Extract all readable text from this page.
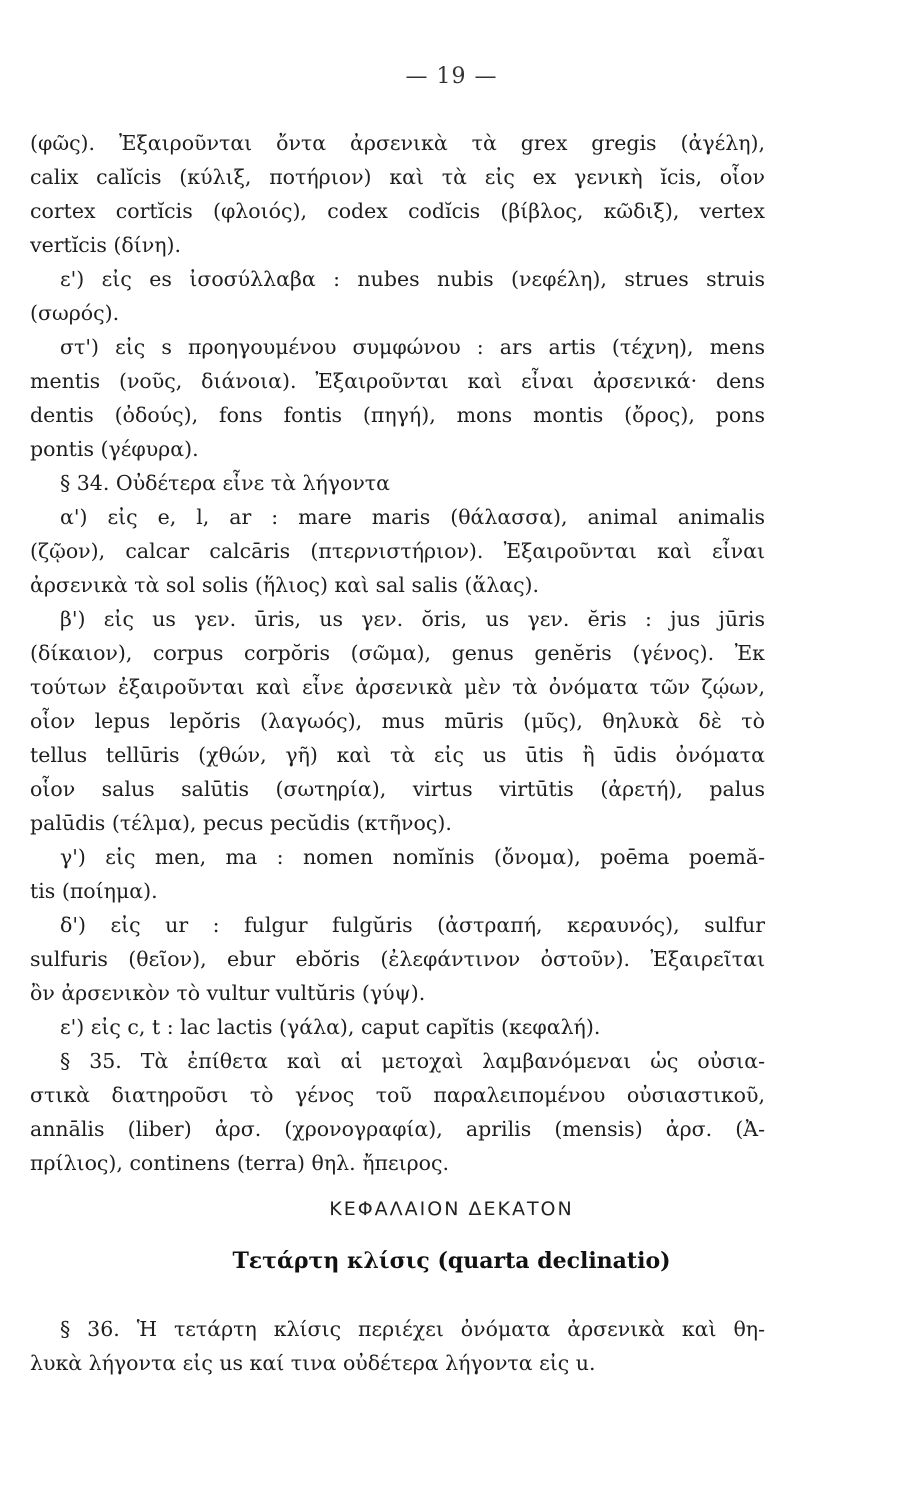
— 19 —
(φῶς). Ἐξαιροῦνται ὄντα ἀρσενικὰ τὰ grex gregis (ἀγέλη),
calix calĭcis (κύλιξ, ποτήριον) καὶ τὰ εἰς ex γενικὴ ĭcis, οἷον
cortex cortĭcis (φλοιός), codex codĭcis (βίβλος, κῶδιξ), vertex
vertĭcis (δίνη).
ε') εἰς es ἰσοσύλλαβα : nubes nubis (νεφέλη), strues struis
(σωρός).
στ') εἰς s προηγουμένου συμφώνου : ars artis (τέχνη), mens
mentis (νοῦς, διάνοια). Ἐξαιροῦνται καὶ εἶναι ἀρσενικά· dens
dentis (ὀδούς), fons fontis (πηγή), mons montis (ὄρος), pons
pontis (γέφυρα).
§ 34. Οὐδέτερα εἶνε τὰ λήγοντα
α') εἰς e, l, ar : mare maris (θάλασσα), animal animalis
(ζῷον), calcar calcāris (πτερνιστήριον). Ἐξαιροῦνται καὶ εἶναι
ἀρσενικὰ τὰ sol solis (ἥλιος) καὶ sal salis (ἅλας).
β') εἰς us γεν. ūris, us γεν. ŏris, us γεν. ĕris : jus jūris
(δίκαιον), corpus corpŏris (σῶμα), genus genĕris (γένος). Ἐκ
τούτων ἐξαιροῦνται καὶ εἶνε ἀρσενικὰ μὲν τὰ ὀνόματα τῶν ζῴων,
οἷον lepus lepŏris (λαγωός), mus mūris (μῦς), θηλυκὰ δὲ τὸ
tellus tellūris (χθών, γῆ) καὶ τὰ εἰς us ūtis ἢ ūdis ὀνόματα
οἷον salus salūtis (σωτηρία), virtus virtūtis (ἀρετή), palus
palūdis (τέλμα), pecus pecŭdis (κτῆνος).
γ') εἰς men, ma : nomen nomĭnis (ὄνομα), poēma poemă-
tis (ποίημα).
δ') εἰς ur : fulgur fulgŭris (ἀστραπή, κεραυνός), sulfur
sulfuris (θεῖον), ebur ebŏris (ἐλεφάντινον ὀστοῦν). Ἐξαιρεῖται
ὂν ἀρσενικὸν τὸ vultur vultŭris (γύψ).
ε') εἰς c, t : lac lactis (γάλα), caput capĭtis (κεφαλή).
§ 35. Τὰ ἐπίθετα καὶ αἱ μετοχαὶ λαμβανόμεναι ὡς οὐσια-
στικὰ διατηροῦσι τὸ γένος τοῦ παραλειπομένου οὐσιαστικοῦ,
annālis (liber) ἀρσ. (χρονογραφία), aprilis (mensis) ἀρσ. (Ἀ-
πρίλιος), continens (terra) θηλ. ἤπειρος.
ΚΕΦΑΛΑΙΟΝ ΔΕΚΑΤΟΝ
Τετάρτη κλίσις (quarta declinatio)
§ 36. Ἡ τετάρτη κλίσις περιέχει ὀνόματα ἀρσενικὰ καὶ θη-
λυκὰ λήγοντα εἰς us καί τινα οὐδέτερα λήγοντα εἰς u.
